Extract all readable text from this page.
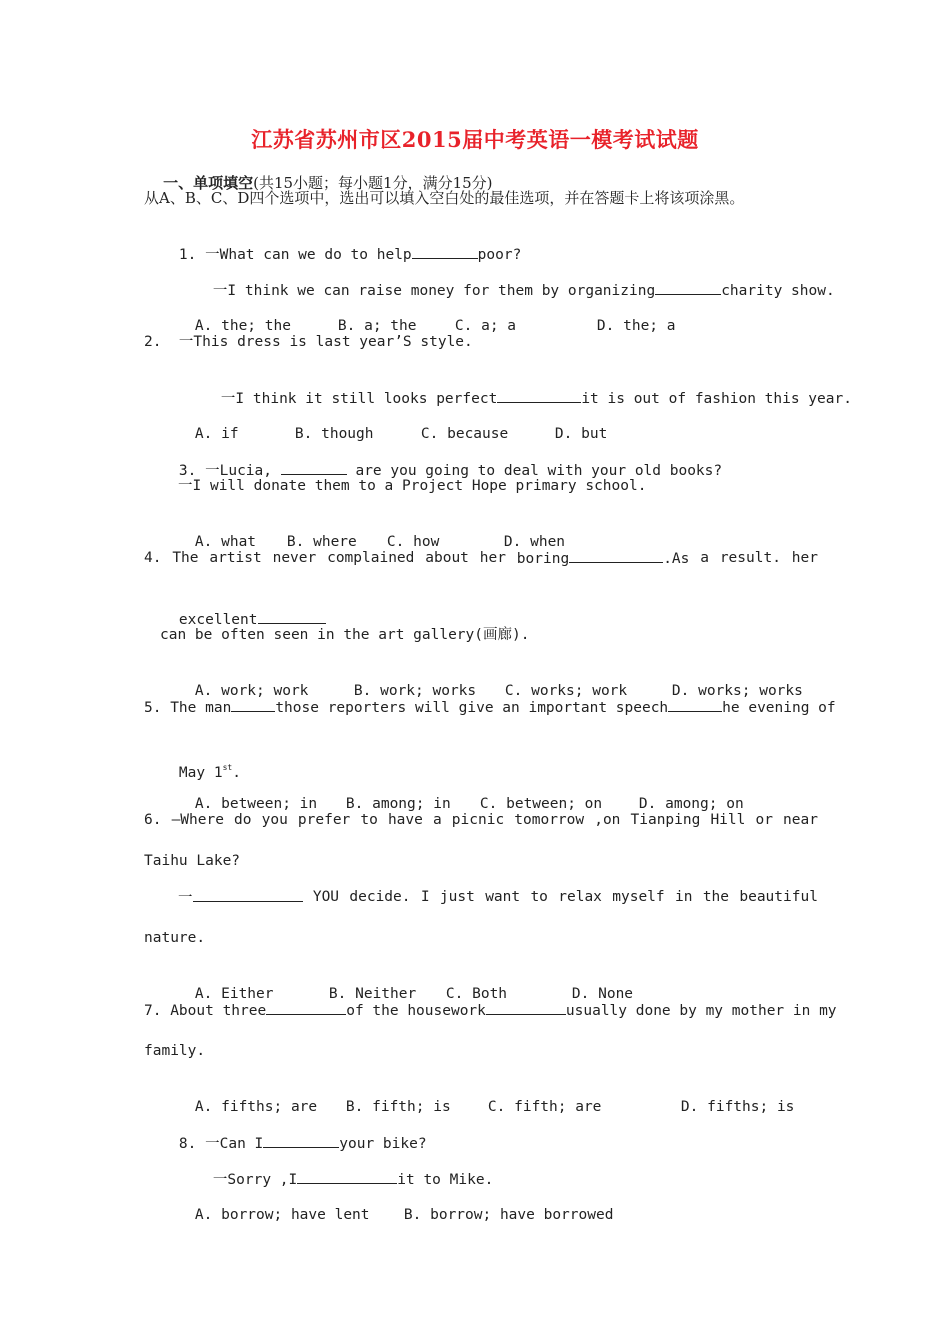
江苏省苏州市区2015届中考英语一模考试试题

一、单项填空(共15小题；每小题1分，满分15分)

从A、B、C、D四个选项中，选出可以填入空白处的最佳选项，并在答题卡上将该项涂黑。

1. 一What can we do to help	poor?

一I think we can raise money for them by organizing	charity show.

A. the; the	B. a; the	C. a; a	D. the; a

2.  一This dress is last year’S style.

一I think it still looks perfect	it is out of fashion this year.

A. if	B. though	C. because	D. but

3. 一Lucia,	are you going to deal with your old books?

一I will donate them to a Project Hope primary school.

A. what B. where C. how	D. when

4. The artist never complained about her boring	.As a result. her

excellent

can be often seen in the art gallery(画廊).

A. work; work	B. work; works C. works; work	D. works; works

5. The man	those reporters will give an important speech	he evening of

May 1st.

A. between; in B. among; in C. between; on	D. among; on

6. —Where do you prefer to have a picnic tomorrow ,on Tianping Hill or near
Taihu Lake?
一	YOU decide. I just want to relax myself in the beautiful
nature.

A. Either	B. Neither C. Both	D. None

7. About three	of the housework	usually done by my mother in my
family.

A. fifths; are B. fifth; is	C. fifth; are	D. fifths; is

8. 一Can I	your bike?

一Sorry ,I	it to Mike.

A. borrow; have lent B. borrow; have borrowed
